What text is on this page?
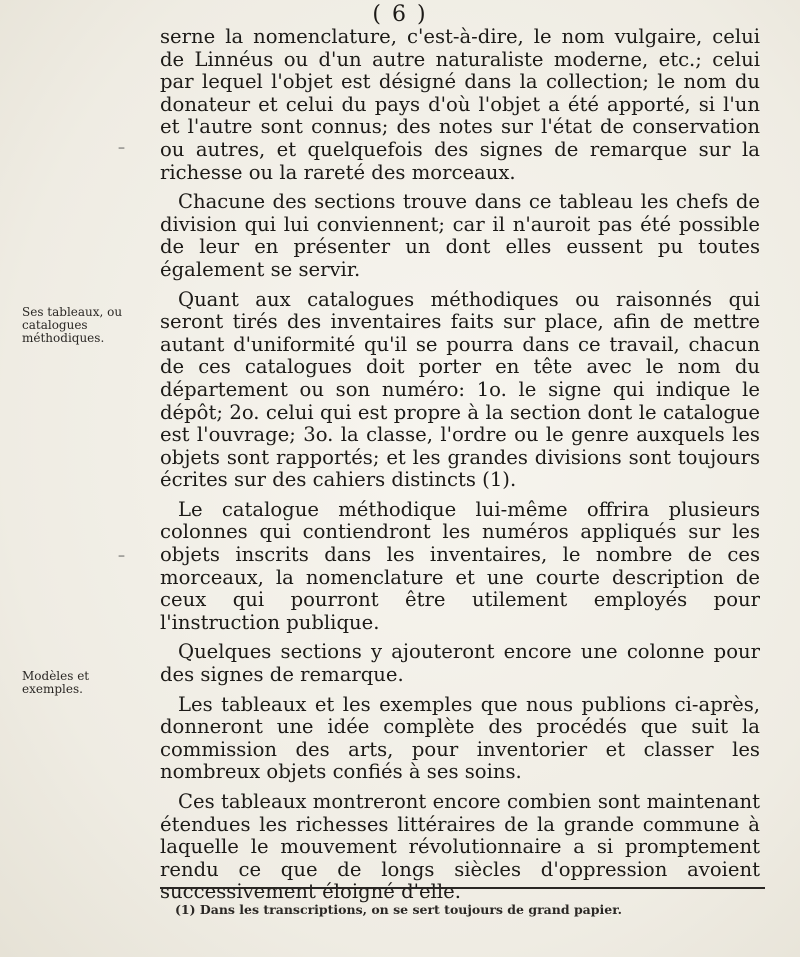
( 6 )
Ses tableaux, ou catalogues méthodiques.
Modèles et exemples.
–
–

serne la nomenclature, c'est-à-dire, le nom vulgaire, celui de Linnéus ou d'un autre naturaliste moderne, etc.; celui par lequel l'objet est désigné dans la collection; le nom du donateur et celui du pays d'où l'objet a été apporté, si l'un et l'autre sont connus; des notes sur l'état de conservation ou autres, et quelquefois des signes de remarque sur la richesse ou la rareté des morceaux.

Chacune des sections trouve dans ce tableau les chefs de division qui lui conviennent; car il n'auroit pas été possible de leur en présenter un dont elles eussent pu toutes également se servir.

Quant aux catalogues méthodiques ou raisonnés qui seront tirés des inventaires faits sur place, afin de mettre autant d'uniformité qu'il se pourra dans ce travail, chacun de ces catalogues doit porter en tête avec le nom du département ou son numéro: 1o. le signe qui indique le dépôt; 2o. celui qui est propre à la section dont le catalogue est l'ouvrage; 3o. la classe, l'ordre ou le genre auxquels les objets sont rapportés; et les grandes divisions sont toujours écrites sur des cahiers distincts (1).

Le catalogue méthodique lui-même offrira plusieurs colonnes qui contiendront les numéros appliqués sur les objets inscrits dans les inventaires, le nombre de ces morceaux, la nomenclature et une courte description de ceux qui pourront être utilement employés pour l'instruction publique.

Quelques sections y ajouteront encore une colonne pour des signes de remarque.

Les tableaux et les exemples que nous publions ci-après, donneront une idée complète des procédés que suit la commission des arts, pour inventorier et classer les nombreux objets confiés à ses soins.

Ces tableaux montreront encore combien sont maintenant étendues les richesses littéraires de la grande commune à laquelle le mouvement révolutionnaire a si promptement rendu ce que de longs siècles d'oppression avoient successivement éloigné d'elle.

(1) Dans les transcriptions, on se sert toujours de grand papier.
